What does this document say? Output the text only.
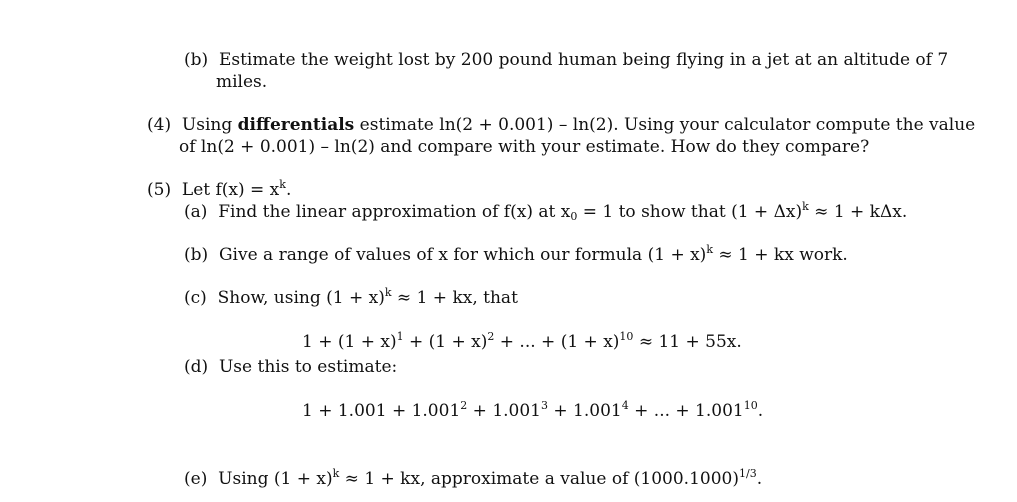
(b) Estimate the weight lost by 200 pound human being flying in a jet at an altitude of 7
miles.
(4) Using differentials estimate ln(2 + 0.001) – ln(2). Using your calculator compute the value
of ln(2 + 0.001) – ln(2) and compare with your estimate. How do they compare?
(5) Let $f(x) = x^k$.
(a) Find the linear approximation of f(x) at $x_0 = 1$ to show that $(1 + \Delta x)^k \approx 1 + k\Delta x$.
(b) Give a range of values of x for which our formula $(1 + x)^k \approx 1$ + kx work.
(c) Show, using $(1 + x)^k \approx 1$ + kx, that
$1 + (1 + x)^1 + (1 + x)^2$ + ... + $(1 + x)^{10} \approx 11 + 55x$.
(d) Use this to estimate:
$1 + 1.001 + 1.001^2 + 1.001^3 + 1.001^4$ + ... + $1.001^{10}$.
(e) Using $(1 + x)^k \approx 1$ + kx, approximate a value of $(1000.1000)^{1/3}$.
